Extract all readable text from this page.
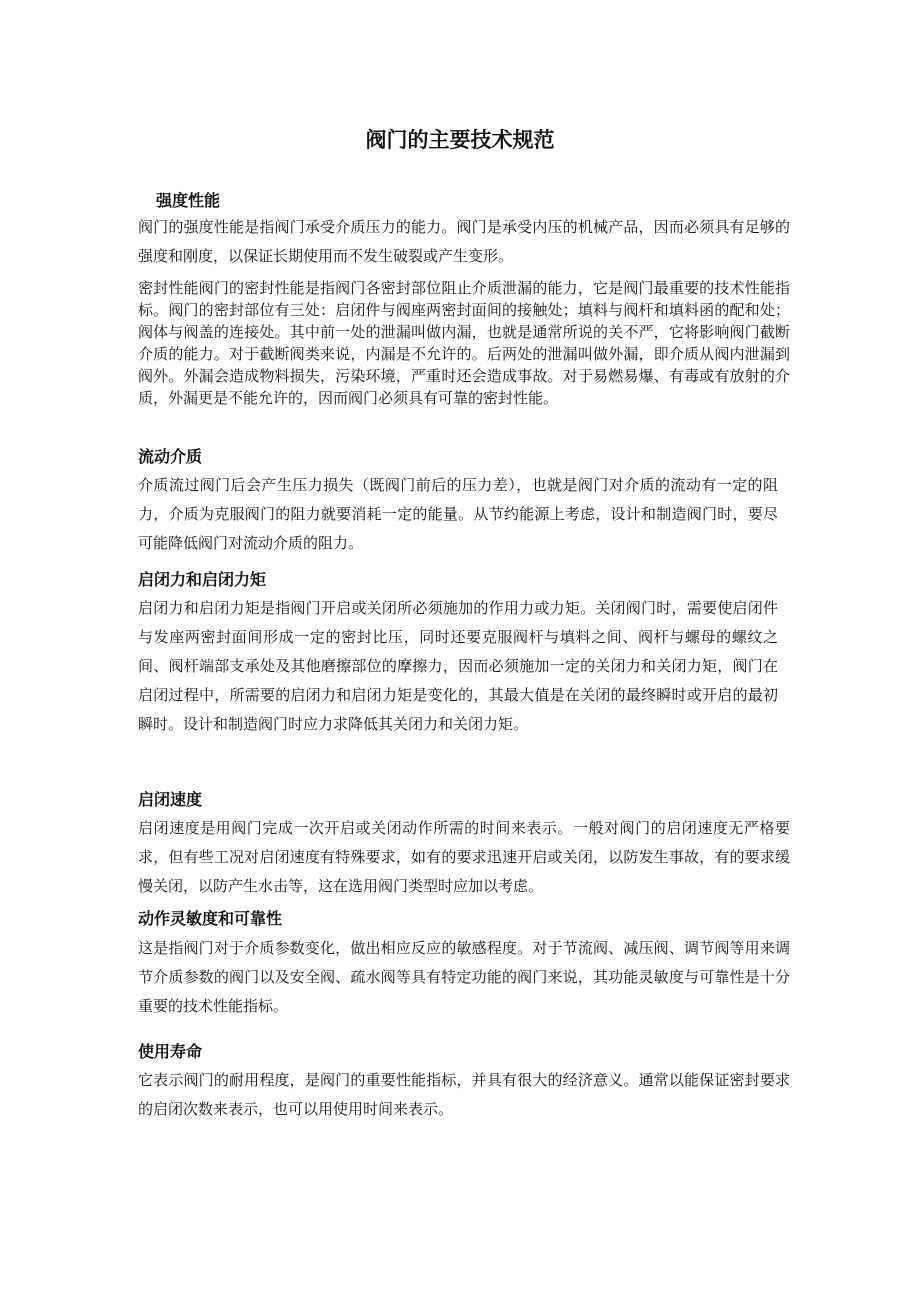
阀门的主要技术规范
强度性能

阀门的强度性能是指阀门承受介质压力的能力。阀门是承受内压的机械产品，因而必须具有足够的强度和刚度，以保证长期使用而不发生破裂或产生变形。

密封性能阀门的密封性能是指阀门各密封部位阻止介质泄漏的能力，它是阀门最重要的技术性能指标。阀门的密封部位有三处：启闭件与阀座两密封面间的接触处；填料与阀杆和填料函的配和处；阀体与阀盖的连接处。其中前一处的泄漏叫做内漏，也就是通常所说的关不严，它将影响阀门截断介质的能力。对于截断阀类来说，内漏是不允许的。后两处的泄漏叫做外漏，即介质从阀内泄漏到阀外。外漏会造成物料损失，污染环境，严重时还会造成事故。对于易燃易爆、有毒或有放射的介质，外漏更是不能允许的，因而阀门必须具有可靠的密封性能。

流动介质

介质流过阀门后会产生压力损失（既阀门前后的压力差），也就是阀门对介质的流动有一定的阻力，介质为克服阀门的阻力就要消耗一定的能量。从节约能源上考虑，设计和制造阀门时，要尽可能降低阀门对流动介质的阻力。

启闭力和启闭力矩

启闭力和启闭力矩是指阀门开启或关闭所必须施加的作用力或力矩。关闭阀门时，需要使启闭件与发座两密封面间形成一定的密封比压，同时还要克服阀杆与填料之间、阀杆与螺母的螺纹之间、阀杆端部支承处及其他磨擦部位的摩擦力，因而必须施加一定的关闭力和关闭力矩，阀门在启闭过程中，所需要的启闭力和启闭力矩是变化的，其最大值是在关闭的最终瞬时或开启的最初瞬时。设计和制造阀门时应力求降低其关闭力和关闭力矩。

启闭速度

启闭速度是用阀门完成一次开启或关闭动作所需的时间来表示。一般对阀门的启闭速度无严格要求，但有些工况对启闭速度有特殊要求，如有的要求迅速开启或关闭，以防发生事故，有的要求缓慢关闭，以防产生水击等，这在选用阀门类型时应加以考虑。

动作灵敏度和可靠性

这是指阀门对于介质参数变化，做出相应反应的敏感程度。对于节流阀、减压阀、调节阀等用来调节介质参数的阀门以及安全阀、疏水阀等具有特定功能的阀门来说，其功能灵敏度与可靠性是十分重要的技术性能指标。

使用寿命

它表示阀门的耐用程度，是阀门的重要性能指标，并具有很大的经济意义。通常以能保证密封要求的启闭次数来表示，也可以用使用时间来表示。
